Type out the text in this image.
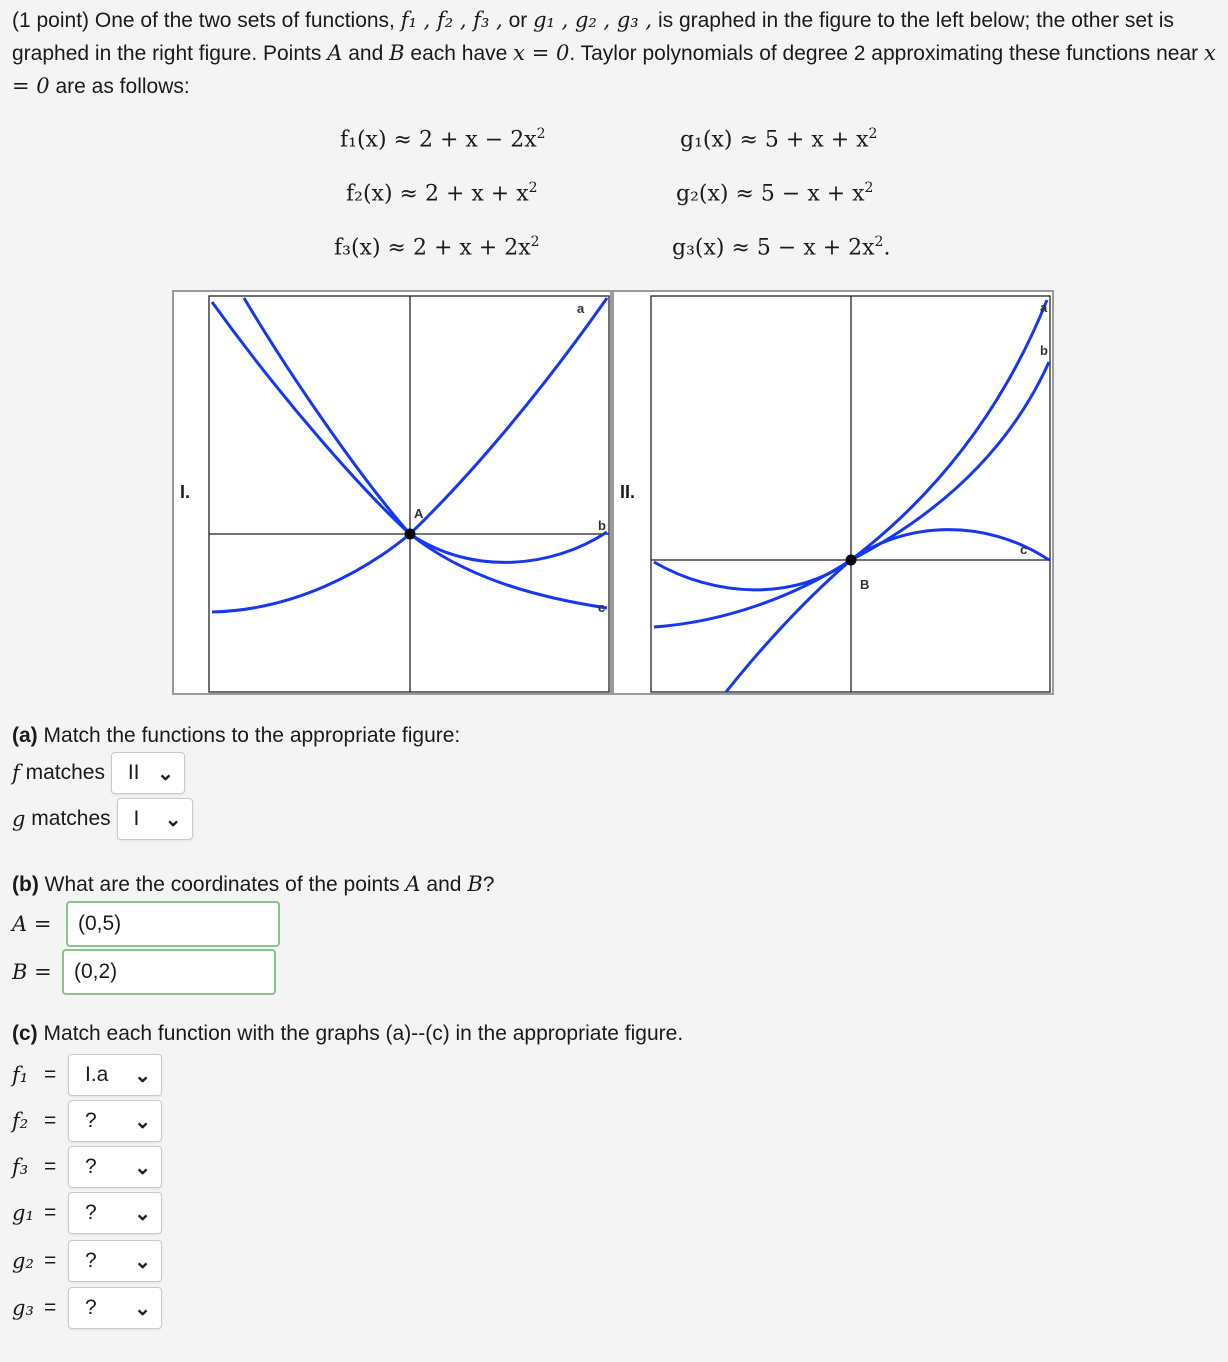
(1 point) One of the two sets of functions, f₁ , f₂ , f₃ , or g₁ , g₂ , g₃ , is graphed in the figure to the left below; the other set is graphed in the right figure. Points A and B each have x = 0. Taylor polynomials of degree 2 approximating these functions near x = 0 are as follows:
$f_1(x) \approx 2 + x - 2x^2$
$f_2(x) \approx 2 + x + x^2$
$f_3(x) \approx 2 + x + 2x^2$
$g_1(x) \approx 5 + x + x^2$
$g_2(x) \approx 5 - x + x^2$
$g_3(x) \approx 5 - x + 2x^2$.
I.
A
a
b
c
II.
B
a
b
c
(a) Match the functions to the appropriate figure:
f
matches
II ⌄
g
matches
I ⌄
(b) What are the coordinates of the points A and B?
A =	(0,5)
B =	(0,2)
(c) Match each function with the graphs (a)--(c) in the appropriate figure.
f₁ =	I.a ⌄
f₂ =	? ⌄
f₃ =	? ⌄
g₁ =	? ⌄
g₂ =	? ⌄
g₃ =	? ⌄
